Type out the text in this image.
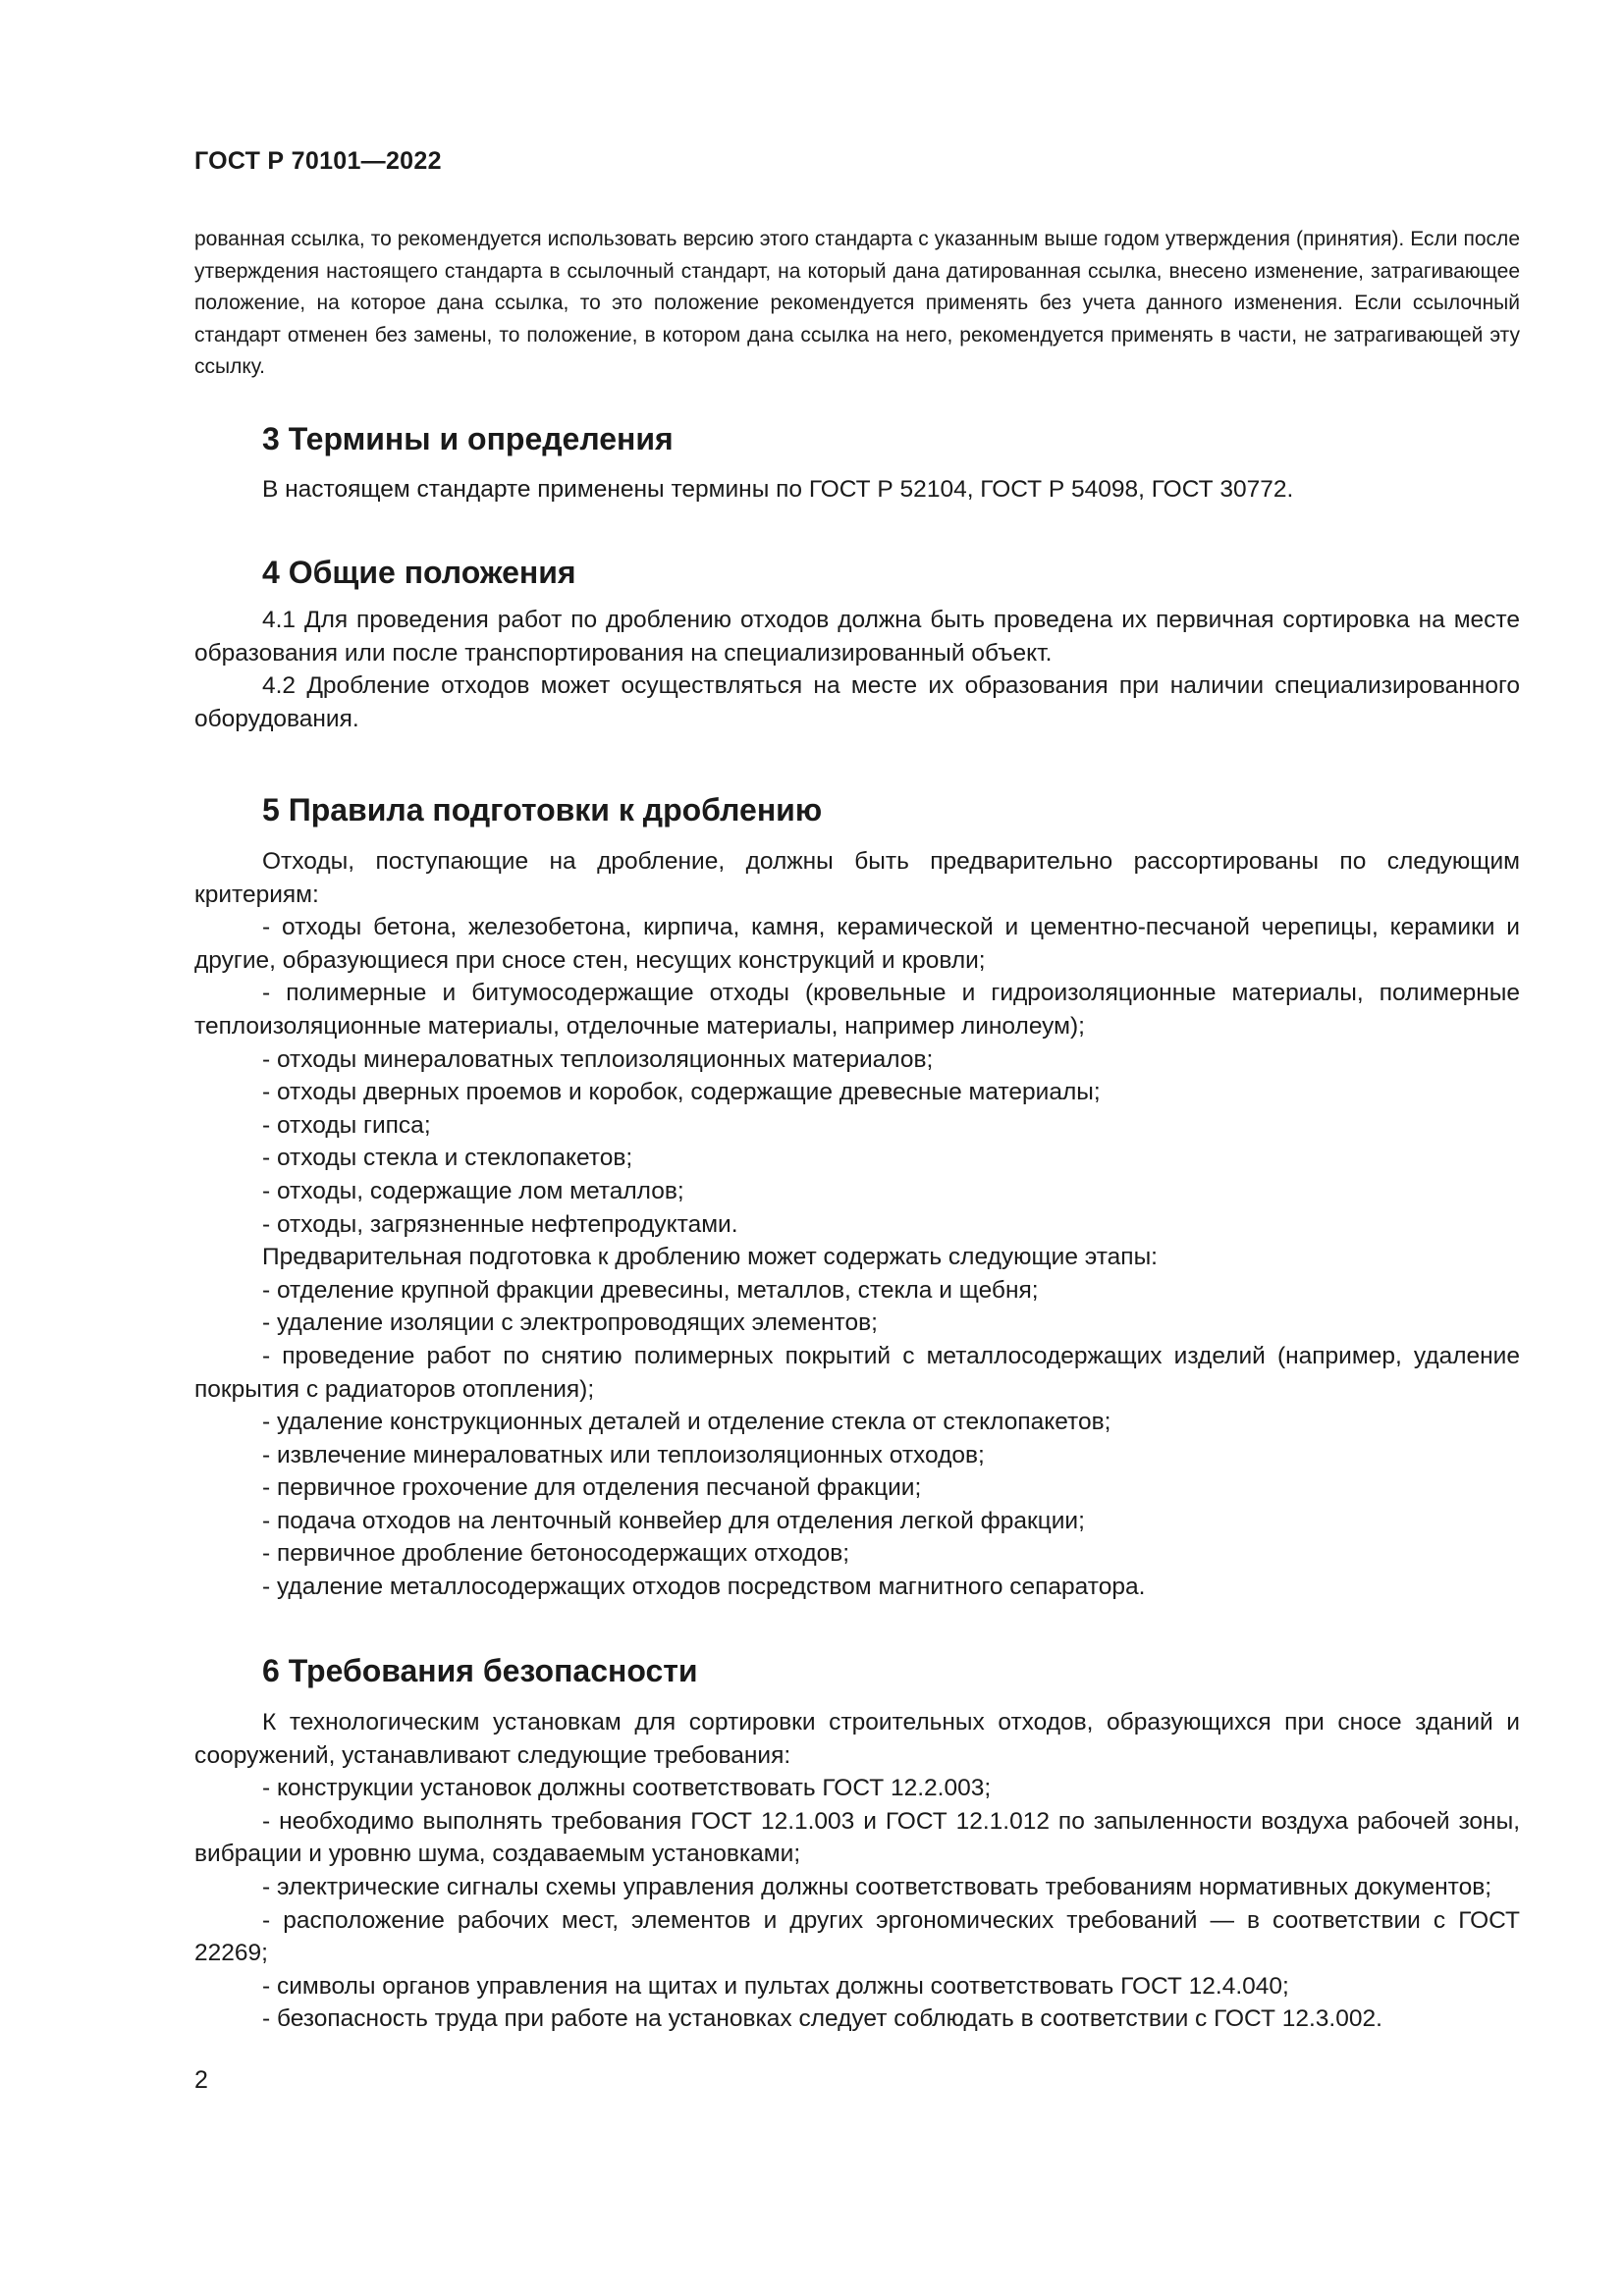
ГОСТ Р 70101—2022

рованная ссылка, то рекомендуется использовать версию этого стандарта с указанным выше годом утверждения (принятия). Если после утверждения настоящего стандарта в ссылочный стандарт, на который дана датированная ссылка, внесено изменение, затрагивающее положение, на которое дана ссылка, то это положение рекомендуется применять без учета данного изменения. Если ссылочный стандарт отменен без замены, то положение, в котором дана ссылка на него, рекомендуется применять в части, не затрагивающей эту ссылку.

3 Термины и определения

В настоящем стандарте применены термины по ГОСТ Р 52104, ГОСТ Р 54098, ГОСТ 30772.

4 Общие положения

4.1 Для проведения работ по дроблению отходов должна быть проведена их первичная сортировка на месте образования или после транспортирования на специализированный объект.

4.2 Дробление отходов может осуществляться на месте их образования при наличии специализированного оборудования.

5 Правила подготовки к дроблению

Отходы, поступающие на дробление, должны быть предварительно рассортированы по следующим критериям:

- отходы бетона, железобетона, кирпича, камня, керамической и цементно-песчаной черепицы, керамики и другие, образующиеся при сносе стен, несущих конструкций и кровли;
- полимерные и битумосодержащие отходы (кровельные и гидроизоляционные материалы, полимерные теплоизоляционные материалы, отделочные материалы, например линолеум);
- отходы минераловатных теплоизоляционных материалов;
- отходы дверных проемов и коробок, содержащие древесные материалы;
- отходы гипса;
- отходы стекла и стеклопакетов;
- отходы, содержащие лом металлов;
- отходы, загрязненные нефтепродуктами.

Предварительная подготовка к дроблению может содержать следующие этапы:

- отделение крупной фракции древесины, металлов, стекла и щебня;
- удаление изоляции с электропроводящих элементов;
- проведение работ по снятию полимерных покрытий с металлосодержащих изделий (например, удаление покрытия с радиаторов отопления);
- удаление конструкционных деталей и отделение стекла от стеклопакетов;
- извлечение минераловатных или теплоизоляционных отходов;
- первичное грохочение для отделения песчаной фракции;
- подача отходов на ленточный конвейер для отделения легкой фракции;
- первичное дробление бетоносодержащих отходов;
- удаление металлосодержащих отходов посредством магнитного сепаратора.
6 Требования безопасности

К технологическим установкам для сортировки строительных отходов, образующихся при сносе зданий и сооружений, устанавливают следующие требования:

- конструкции установок должны соответствовать ГОСТ 12.2.003;
- необходимо выполнять требования ГОСТ 12.1.003 и ГОСТ 12.1.012 по запыленности воздуха рабочей зоны, вибрации и уровню шума, создаваемым установками;
- электрические сигналы схемы управления должны соответствовать требованиям нормативных документов;
- расположение рабочих мест, элементов и других эргономических требований — в соответствии с ГОСТ 22269;
- символы органов управления на щитах и пультах должны соответствовать ГОСТ 12.4.040;
- безопасность труда при работе на установках следует соблюдать в соответствии с ГОСТ 12.3.002.
2
